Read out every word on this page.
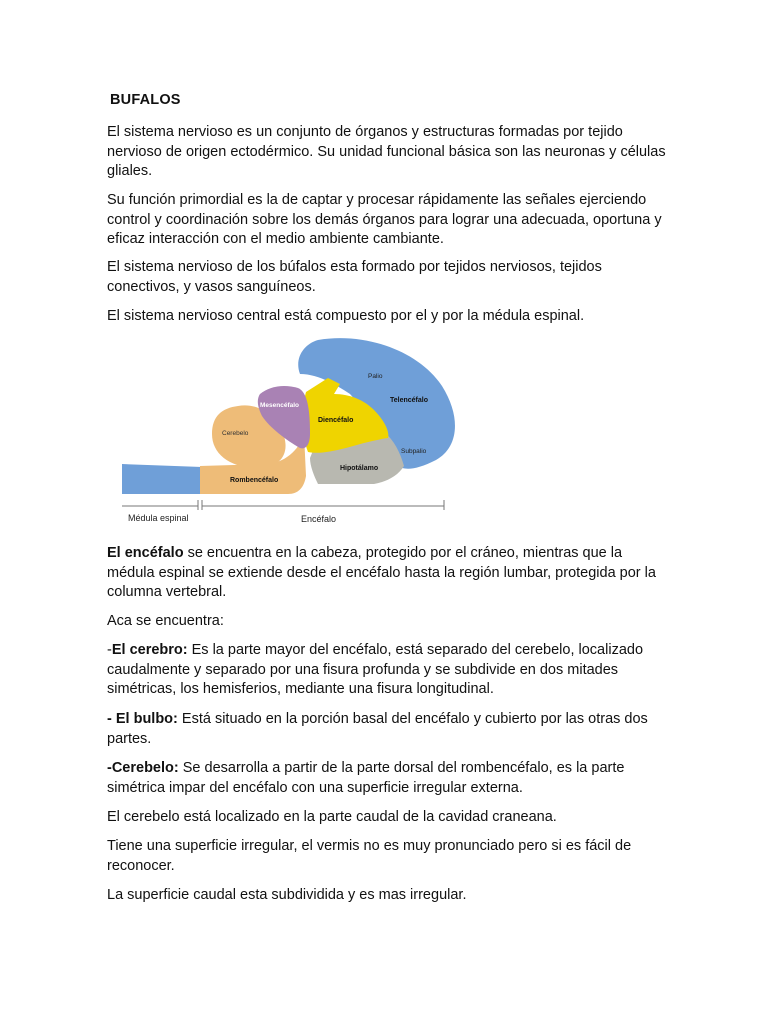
BUFALOS

El sistema nervioso es un conjunto de órganos y estructuras formadas por tejido nervioso de origen ectodérmico. Su unidad funcional básica son las neuronas y células gliales.

Su función primordial es la de captar y procesar rápidamente las señales ejerciendo control y coordinación sobre los demás órganos para lograr una adecuada, oportuna y eficaz interacción con el medio ambiente cambiante.

El sistema nervioso de los búfalos esta formado por tejidos nerviosos, tejidos conectivos, y vasos sanguíneos.

El sistema nervioso central está compuesto por el y por la médula espinal.

Palio
Telencéfalo
Mesencéfalo
Diencéfalo
Cerebelo
Subpalio
Hipotálamo
Rombencéfalo
Médula espinal	Encéfalo

El encéfalo se encuentra en la cabeza, protegido por el cráneo, mientras que la médula espinal se extiende desde el encéfalo hasta la región lumbar, protegida por la columna vertebral.

Aca se encuentra:

-El cerebro: Es la parte mayor del encéfalo, está separado del cerebelo, localizado caudalmente y separado por una fisura profunda y se subdivide en dos mitades simétricas, los hemisferios, mediante una fisura longitudinal.

- El bulbo: Está situado en la porción basal del encéfalo y cubierto por las otras dos partes.

-Cerebelo: Se desarrolla a partir de la parte dorsal del rombencéfalo, es la parte simétrica impar del encéfalo con una superficie irregular externa.

El cerebelo está localizado en la parte caudal de la cavidad craneana.

Tiene una superficie irregular, el vermis no es muy pronunciado pero si es fácil de reconocer.

La superficie caudal esta subdividida y es mas irregular.
